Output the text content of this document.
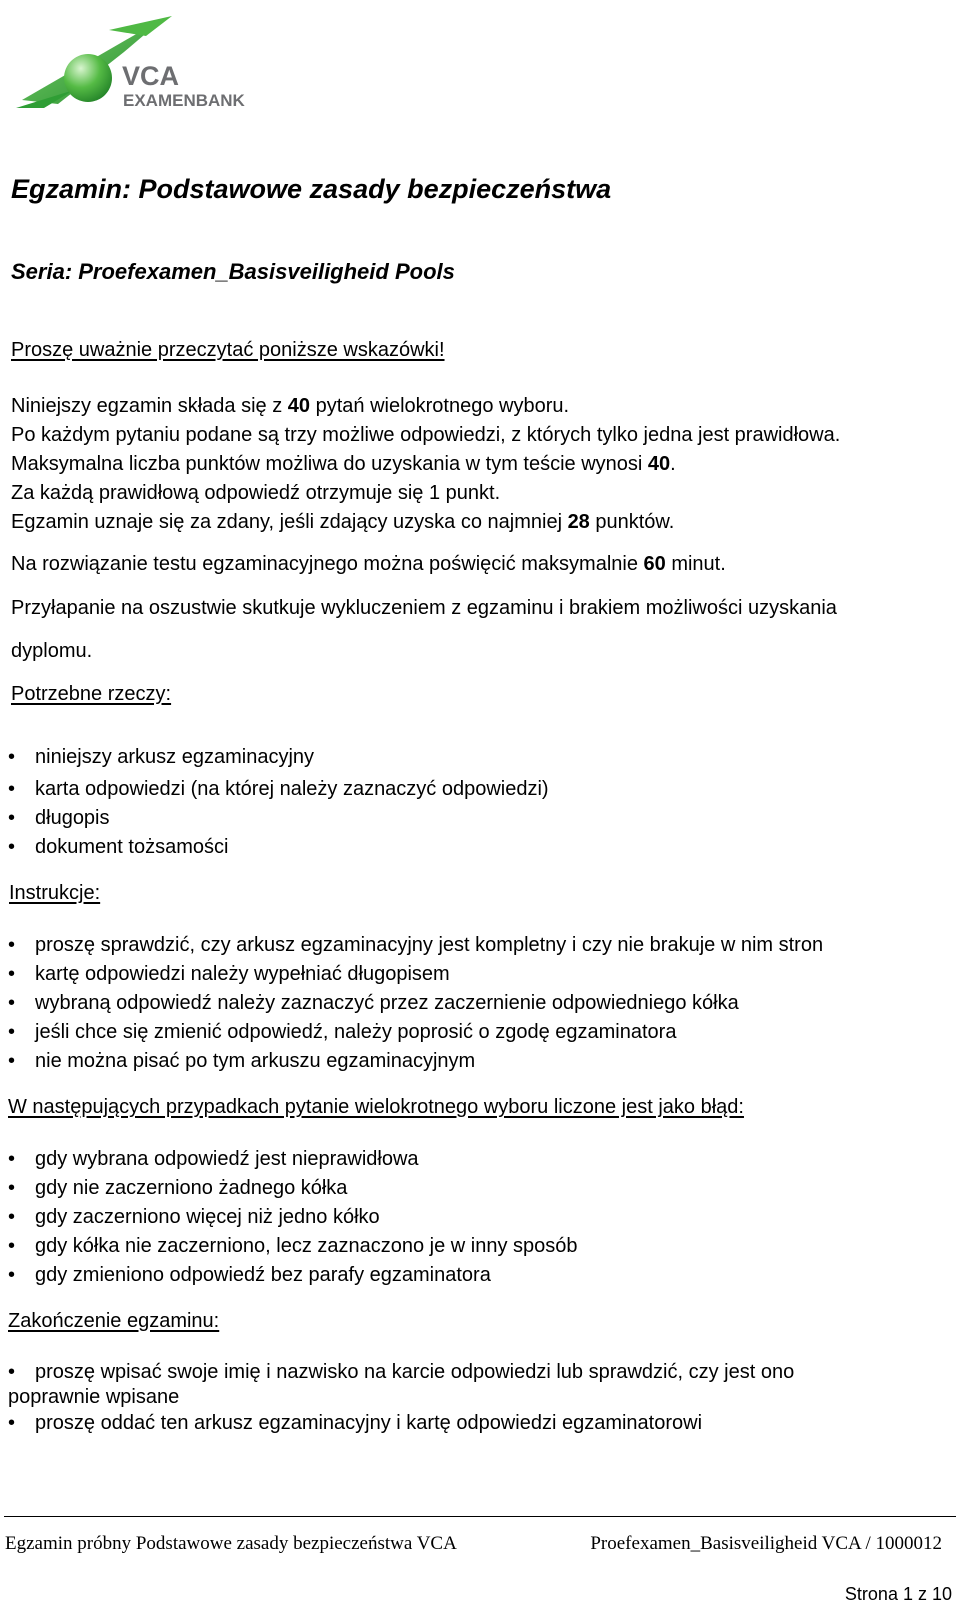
VCA
EXAMENBANK
Egzamin: Podstawowe zasady bezpieczeństwa
Seria: Proefexamen_Basisveiligheid Pools
Proszę uważnie przeczytać poniższe wskazówki!
Niniejszy egzamin składa się z 40 pytań wielokrotnego wyboru.
Po każdym pytaniu podane są trzy możliwe odpowiedzi, z których tylko jedna jest prawidłowa.
Maksymalna liczba punktów możliwa do uzyskania w tym teście wynosi 40.
Za każdą prawidłową odpowiedź otrzymuje się 1 punkt.
Egzamin uznaje się za zdany, jeśli zdający uzyska co najmniej 28 punktów.
Na rozwiązanie testu egzaminacyjnego można poświęcić maksymalnie 60 minut.
Przyłapanie na oszustwie skutkuje wykluczeniem z egzaminu i brakiem możliwości uzyskania
dyplomu.
Potrzebne rzeczy:
• niniejszy arkusz egzaminacyjny
• karta odpowiedzi (na której należy zaznaczyć odpowiedzi)
• długopis
• dokument tożsamości
Instrukcje:
• proszę sprawdzić, czy arkusz egzaminacyjny jest kompletny i czy nie brakuje w nim stron
• kartę odpowiedzi należy wypełniać długopisem
• wybraną odpowiedź należy zaznaczyć przez zaczernienie odpowiedniego kółka
• jeśli chce się zmienić odpowiedź, należy poprosić o zgodę egzaminatora
• nie można pisać po tym arkuszu egzaminacyjnym
W następujących przypadkach pytanie wielokrotnego wyboru liczone jest jako błąd:
• gdy wybrana odpowiedź jest nieprawidłowa
• gdy nie zaczerniono żadnego kółka
• gdy zaczerniono więcej niż jedno kółko
• gdy kółka nie zaczerniono, lecz zaznaczono je w inny sposób
• gdy zmieniono odpowiedź bez parafy egzaminatora
Zakończenie egzaminu:
• proszę wpisać swoje imię i nazwisko na karcie odpowiedzi lub sprawdzić, czy jest ono
poprawnie wpisane
• proszę oddać ten arkusz egzaminacyjny i kartę odpowiedzi egzaminatorowi
Egzamin próbny Podstawowe zasady bezpieczeństwa VCA	Proefexamen_Basisveiligheid VCA / 1000012
Strona 1 z 10
